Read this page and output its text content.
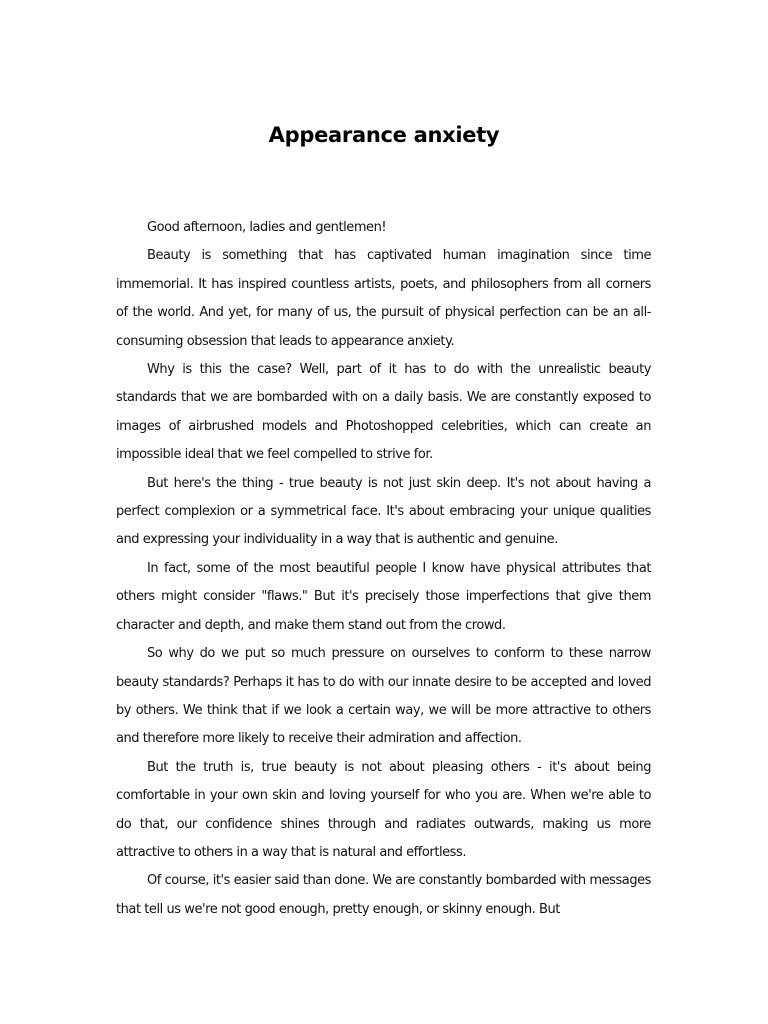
Appearance anxiety

Good afternoon, ladies and gentlemen!

Beauty is something that has captivated human imagination since time immemorial. It has inspired countless artists, poets, and philosophers from all corners of the world. And yet, for many of us, the pursuit of physical perfection can be an all-consuming obsession that leads to appearance anxiety.

Why is this the case? Well, part of it has to do with the unrealistic beauty standards that we are bombarded with on a daily basis. We are constantly exposed to images of airbrushed models and Photoshopped celebrities, which can create an impossible ideal that we feel compelled to strive for.

But here's the thing - true beauty is not just skin deep. It's not about having a perfect complexion or a symmetrical face. It's about embracing your unique qualities and expressing your individuality in a way that is authentic and genuine.

In fact, some of the most beautiful people I know have physical attributes that others might consider "flaws." But it's precisely those imperfections that give them character and depth, and make them stand out from the crowd.

So why do we put so much pressure on ourselves to conform to these narrow beauty standards? Perhaps it has to do with our innate desire to be accepted and loved by others. We think that if we look a certain way, we will be more attractive to others and therefore more likely to receive their admiration and affection.

But the truth is, true beauty is not about pleasing others - it's about being comfortable in your own skin and loving yourself for who you are. When we're able to do that, our confidence shines through and radiates outwards, making us more attractive to others in a way that is natural and effortless.

Of course, it's easier said than done. We are constantly bombarded with messages that tell us we're not good enough, pretty enough, or skinny enough. But
